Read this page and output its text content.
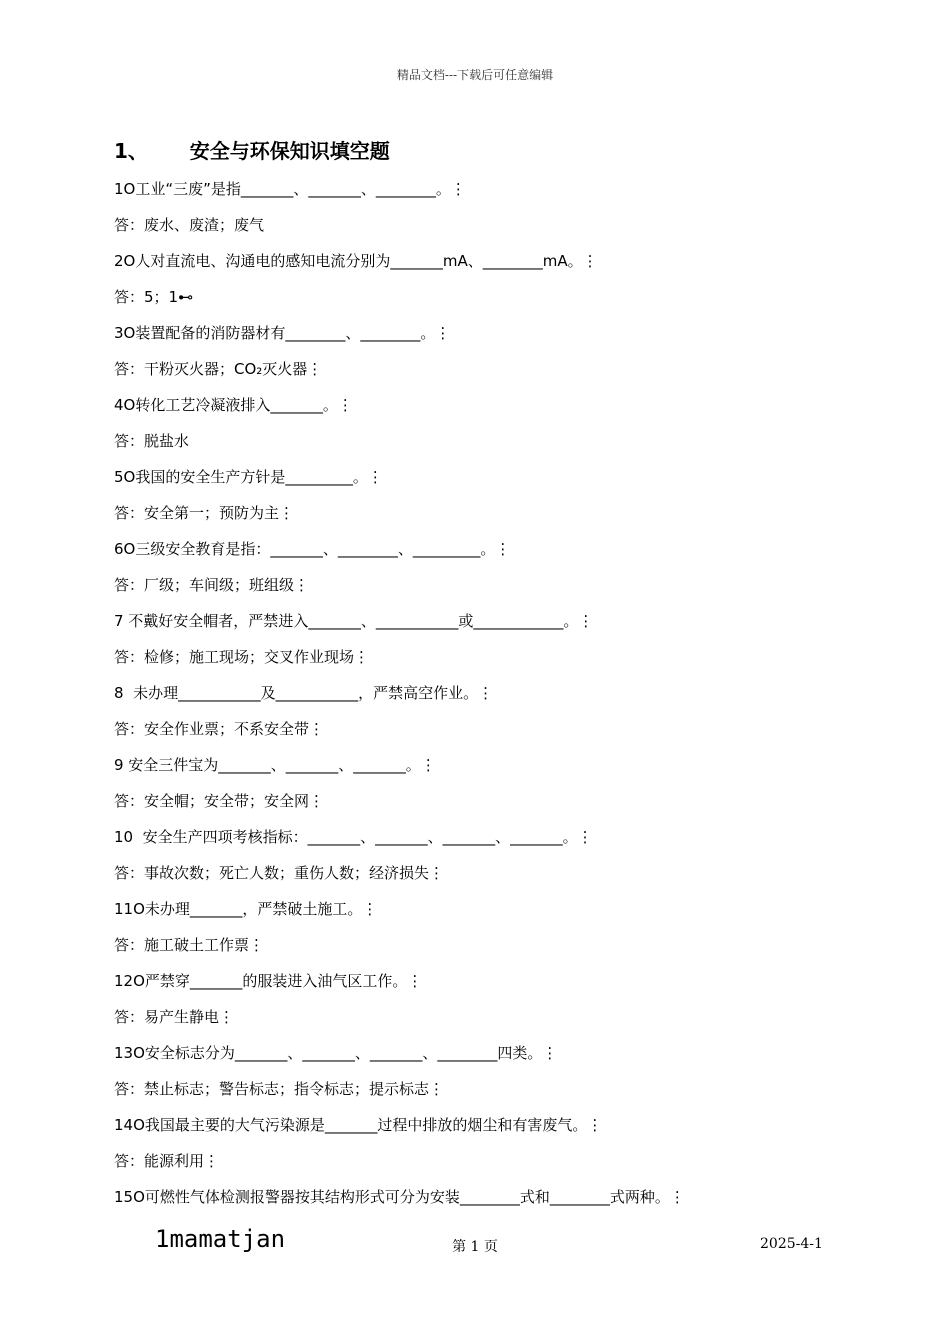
精品文档---下载后可任意编辑
1、      安全与环保知识填空题
1O工业“三废”是指_______、_______、________。⋮
答：废水、废渣；废气
2O人对直流电、沟通电的感知电流分别为_______mA、________mA。⋮
答：5；1⊷
3O装置配备的消防器材有________、________。⋮
答：干粉灭火器；CO₂灭火器⋮
4O转化工艺冷凝液排入_______。⋮
答：脱盐水
5O我国的安全生产方针是_________。⋮
答：安全第一；预防为主⋮
6O三级安全教育是指：_______、________、_________。⋮
答：厂级；车间级；班组级⋮
7 不戴好安全帽者，严禁进入_______、___________或____________。⋮
答：检修；施工现场；交叉作业现场⋮
8  未办理___________及___________，严禁高空作业。⋮
答：安全作业票；不系安全带⋮
9 安全三件宝为_______、_______、_______。⋮
答：安全帽；安全带；安全网⋮
10  安全生产四项考核指标：_______、_______、_______、_______。⋮
答：事故次数；死亡人数；重伤人数；经济损失⋮
11O未办理_______，严禁破土施工。⋮
答：施工破土工作票⋮
12O严禁穿_______的服装进入油气区工作。⋮
答：易产生静电⋮
13O安全标志分为_______、_______、_______、________四类。⋮
答：禁止标志；警告标志；指令标志；提示标志⋮
14O我国最主要的大气污染源是_______过程中排放的烟尘和有害废气。⋮
答：能源利用⋮
15O可燃性气体检测报警器按其结构形式可分为安装________式和________式两种。⋮
1mamatjan	第 1 页	2025-4-1
